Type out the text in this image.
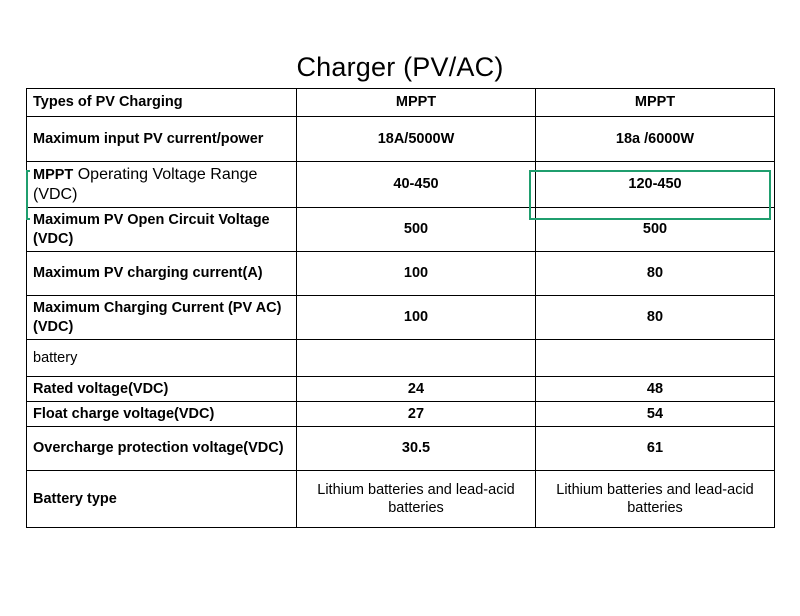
Charger (PV/AC)
Types of PV Charging	MPPT	MPPT
Maximum input PV current/power	18A/5000W	18a /6000W
MPPT Operating Voltage Range (VDC)	40-450	120-450
Maximum PV Open Circuit Voltage (VDC)	500	500
Maximum PV charging current(A)	100	80
Maximum Charging Current (PV AC) (VDC)	100	80
battery		
Rated voltage(VDC)	24	48
Float charge voltage(VDC)	27	54
Overcharge protection voltage(VDC)	30.5	61
Battery type	Lithium batteries and lead-acid batteries	Lithium batteries and lead-acid batteries
